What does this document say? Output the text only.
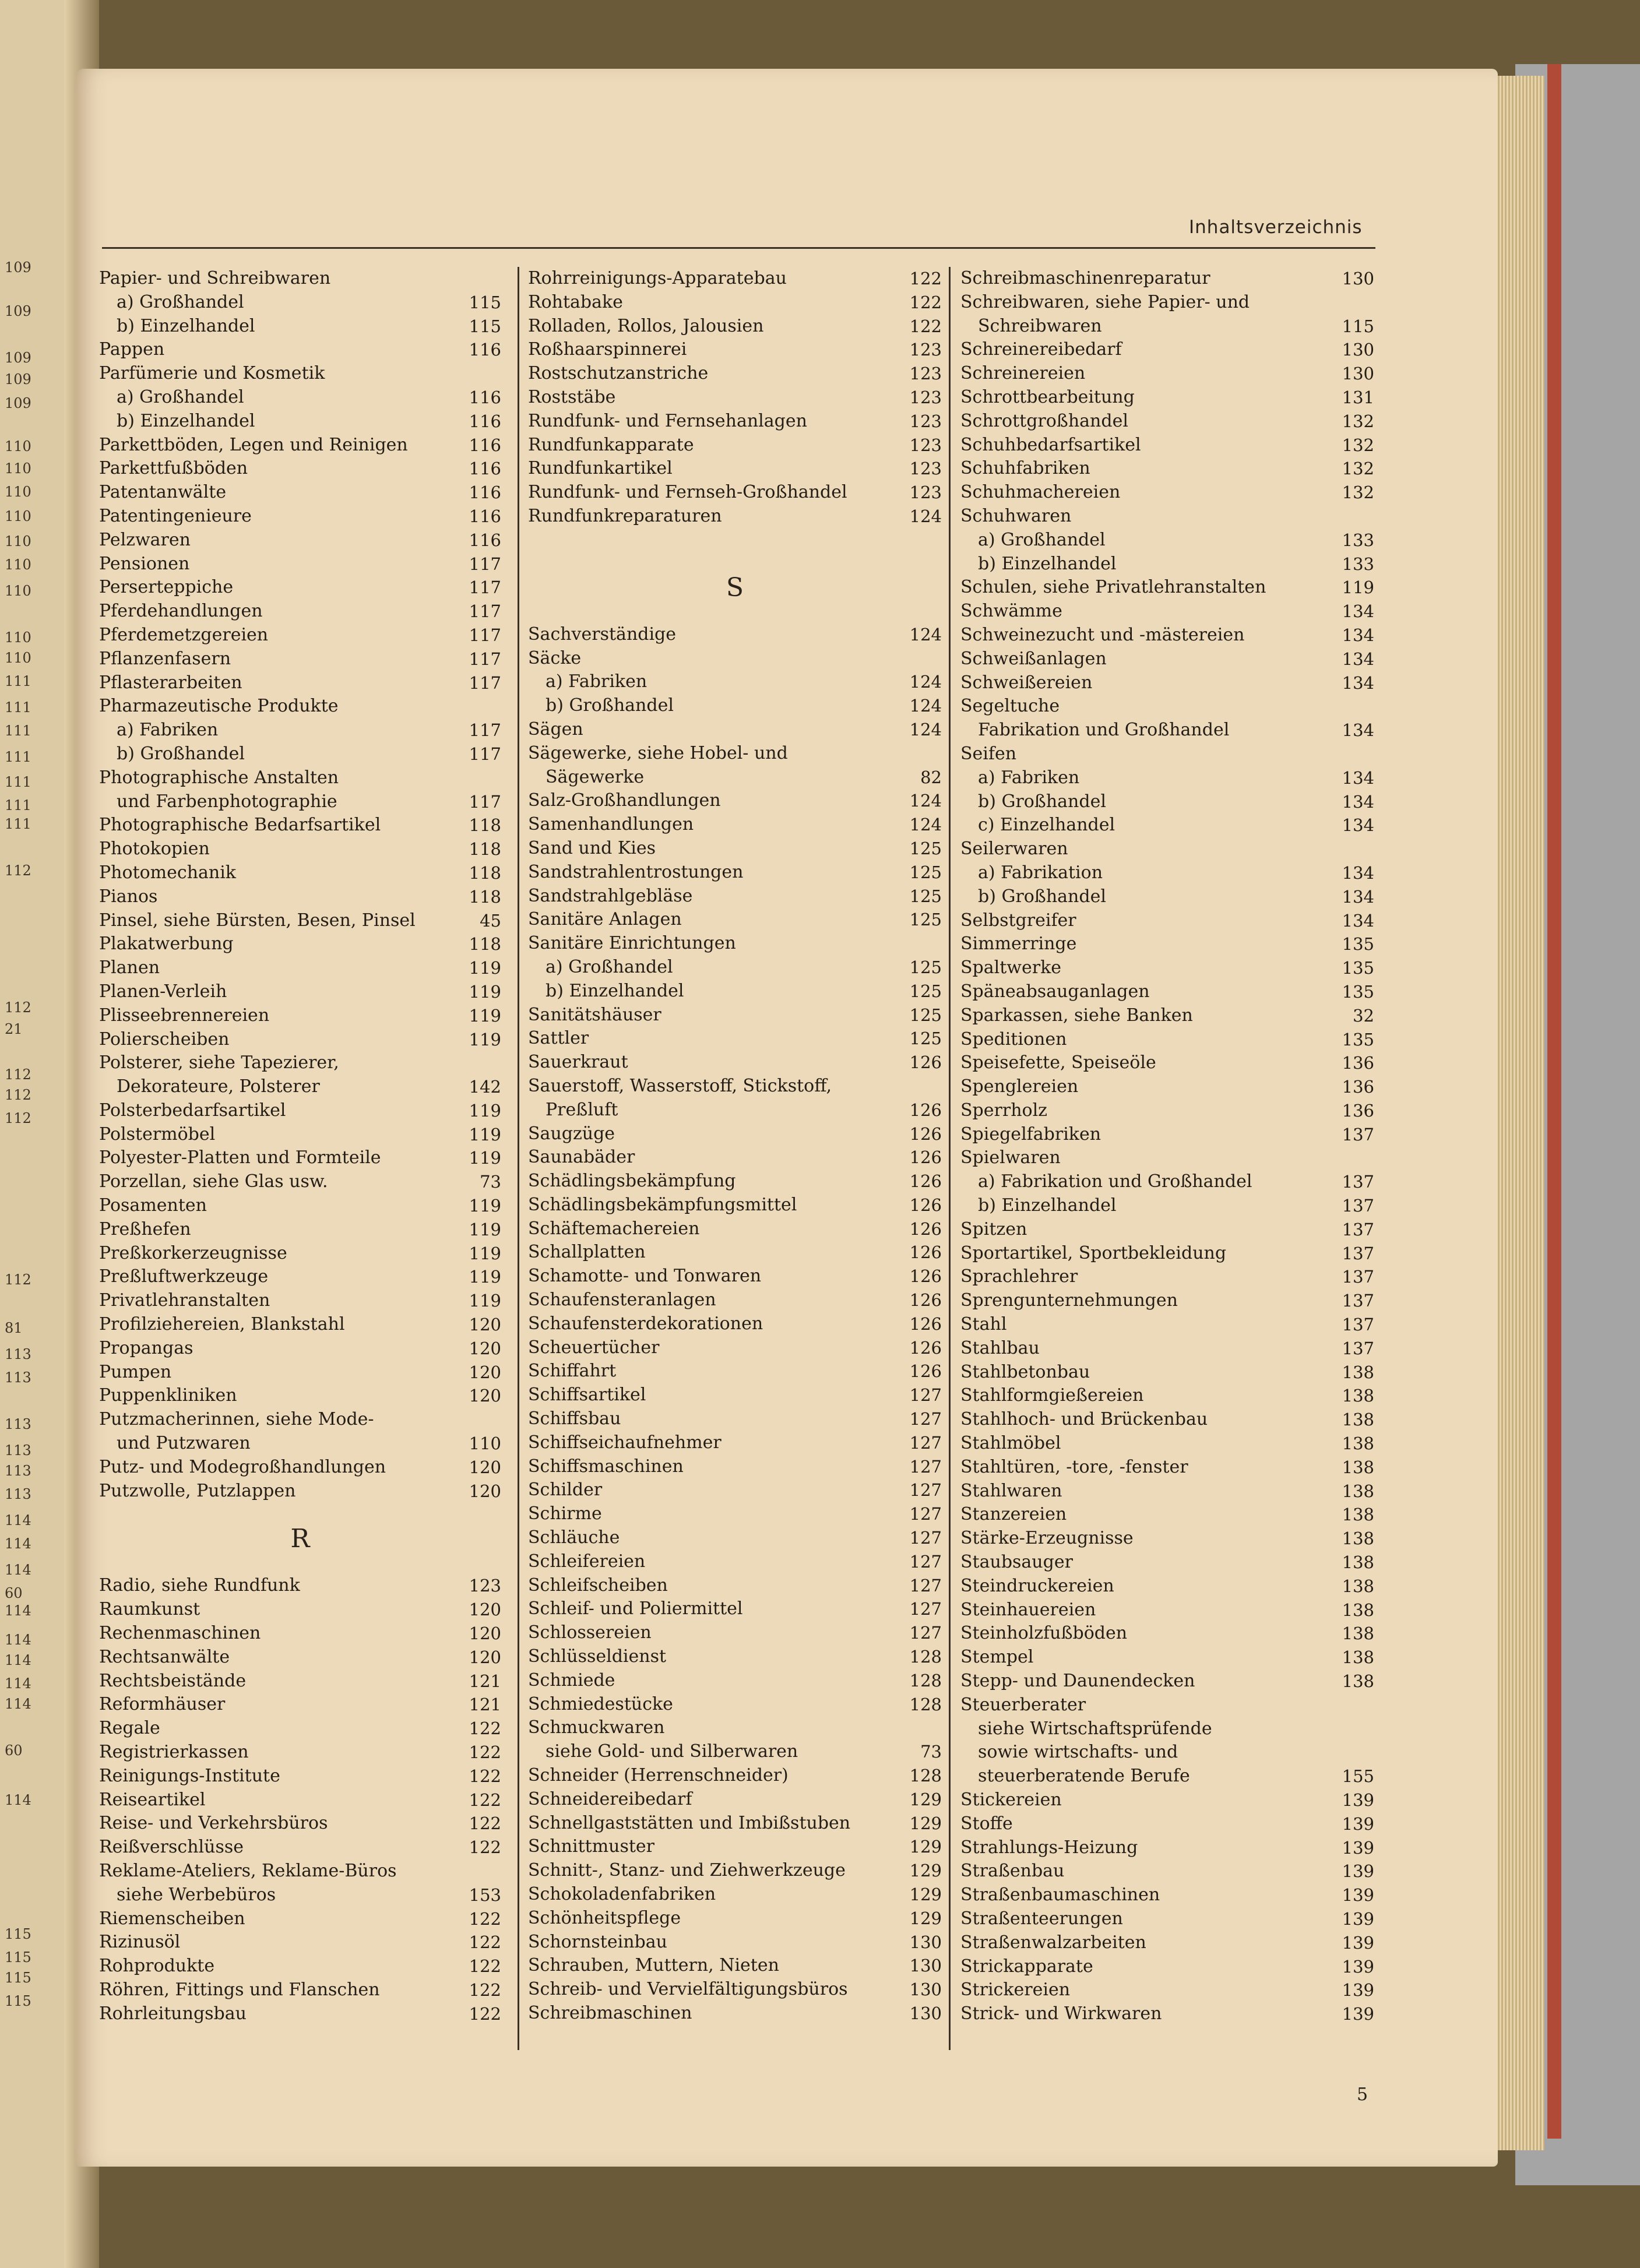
109
109
109
109
109
110
110
110
110
110
110
110
110
110
111
111
111
111
111
111
111
112
112
21
112
112
112
112
81
113
113
113
113
113
113
114
114
114
60
114
114
114
114
114
60
114
115
115
115
115
Inhaltsverzeichnis
Papier- und Schreibwaren
a) Großhandel	115
b) Einzelhandel	115
Pappen	116
Parfümerie und Kosmetik
a) Großhandel	116
b) Einzelhandel	116
Parkettböden, Legen und Reinigen	116
Parkettfußböden	116
Patentanwälte	116
Patentingenieure	116
Pelzwaren	116
Pensionen	117
Perserteppiche	117
Pferdehandlungen	117
Pferdemetzgereien	117
Pflanzenfasern	117
Pflasterarbeiten	117
Pharmazeutische Produkte
a) Fabriken	117
b) Großhandel	117
Photographische Anstalten
und Farbenphotographie	117
Photographische Bedarfsartikel	118
Photokopien	118
Photomechanik	118
Pianos	118
Pinsel, siehe Bürsten, Besen, Pinsel	45
Plakatwerbung	118
Planen	119
Planen-Verleih	119
Plisseebrennereien	119
Polierscheiben	119
Polsterer, siehe Tapezierer,
Dekorateure, Polsterer	142
Polsterbedarfsartikel	119
Polstermöbel	119
Polyester-Platten und Formteile	119
Porzellan, siehe Glas usw.	73
Posamenten	119
Preßhefen	119
Preßkorkerzeugnisse	119
Preßluftwerkzeuge	119
Privatlehranstalten	119
Profilziehereien, Blankstahl	120
Propangas	120
Pumpen	120
Puppenkliniken	120
Putzmacherinnen, siehe Mode-
und Putzwaren	110
Putz- und Modegroßhandlungen	120
Putzwolle, Putzlappen	120
R
Radio, siehe Rundfunk	123
Raumkunst	120
Rechenmaschinen	120
Rechtsanwälte	120
Rechtsbeistände	121
Reformhäuser	121
Regale	122
Registrierkassen	122
Reinigungs-Institute	122
Reiseartikel	122
Reise- und Verkehrsbüros	122
Reißverschlüsse	122
Reklame-Ateliers, Reklame-Büros
siehe Werbebüros	153
Riemenscheiben	122
Rizinusöl	122
Rohprodukte	122
Röhren, Fittings und Flanschen	122
Rohrleitungsbau	122
Rohrreinigungs-Apparatebau	122
Rohtabake	122
Rolladen, Rollos, Jalousien	122
Roßhaarspinnerei	123
Rostschutzanstriche	123
Roststäbe	123
Rundfunk- und Fernsehanlagen	123
Rundfunkapparate	123
Rundfunkartikel	123
Rundfunk- und Fernseh-Großhandel	123
Rundfunkreparaturen	124
S
Sachverständige	124
Säcke
a) Fabriken	124
b) Großhandel	124
Sägen	124
Sägewerke, siehe Hobel- und
Sägewerke	82
Salz-Großhandlungen	124
Samenhandlungen	124
Sand und Kies	125
Sandstrahlentrostungen	125
Sandstrahlgebläse	125
Sanitäre Anlagen	125
Sanitäre Einrichtungen
a) Großhandel	125
b) Einzelhandel	125
Sanitätshäuser	125
Sattler	125
Sauerkraut	126
Sauerstoff, Wasserstoff, Stickstoff,
Preßluft	126
Saugzüge	126
Saunabäder	126
Schädlingsbekämpfung	126
Schädlingsbekämpfungsmittel	126
Schäftemachereien	126
Schallplatten	126
Schamotte- und Tonwaren	126
Schaufensteranlagen	126
Schaufensterdekorationen	126
Scheuertücher	126
Schiffahrt	126
Schiffsartikel	127
Schiffsbau	127
Schiffseichaufnehmer	127
Schiffsmaschinen	127
Schilder	127
Schirme	127
Schläuche	127
Schleifereien	127
Schleifscheiben	127
Schleif- und Poliermittel	127
Schlossereien	127
Schlüsseldienst	128
Schmiede	128
Schmiedestücke	128
Schmuckwaren
siehe Gold- und Silberwaren	73
Schneider (Herrenschneider)	128
Schneidereibedarf	129
Schnellgaststätten und Imbißstuben	129
Schnittmuster	129
Schnitt-, Stanz- und Ziehwerkzeuge	129
Schokoladenfabriken	129
Schönheitspflege	129
Schornsteinbau	130
Schrauben, Muttern, Nieten	130
Schreib- und Vervielfältigungsbüros	130
Schreibmaschinen	130
Schreibmaschinenreparatur	130
Schreibwaren, siehe Papier- und
Schreibwaren	115
Schreinereibedarf	130
Schreinereien	130
Schrottbearbeitung	131
Schrottgroßhandel	132
Schuhbedarfsartikel	132
Schuhfabriken	132
Schuhmachereien	132
Schuhwaren
a) Großhandel	133
b) Einzelhandel	133
Schulen, siehe Privatlehranstalten	119
Schwämme	134
Schweinezucht und -mästereien	134
Schweißanlagen	134
Schweißereien	134
Segeltuche
Fabrikation und Großhandel	134
Seifen
a) Fabriken	134
b) Großhandel	134
c) Einzelhandel	134
Seilerwaren
a) Fabrikation	134
b) Großhandel	134
Selbstgreifer	134
Simmerringe	135
Spaltwerke	135
Späneabsauganlagen	135
Sparkassen, siehe Banken	32
Speditionen	135
Speisefette, Speiseöle	136
Spenglereien	136
Sperrholz	136
Spiegelfabriken	137
Spielwaren
a) Fabrikation und Großhandel	137
b) Einzelhandel	137
Spitzen	137
Sportartikel, Sportbekleidung	137
Sprachlehrer	137
Sprengunternehmungen	137
Stahl	137
Stahlbau	137
Stahlbetonbau	138
Stahlformgießereien	138
Stahlhoch- und Brückenbau	138
Stahlmöbel	138
Stahltüren, -tore, -fenster	138
Stahlwaren	138
Stanzereien	138
Stärke-Erzeugnisse	138
Staubsauger	138
Steindruckereien	138
Steinhauereien	138
Steinholzfußböden	138
Stempel	138
Stepp- und Daunendecken	138
Steuerberater
siehe Wirtschaftsprüfende
sowie wirtschafts- und
steuerberatende Berufe	155
Stickereien	139
Stoffe	139
Strahlungs-Heizung	139
Straßenbau	139
Straßenbaumaschinen	139
Straßenteerungen	139
Straßenwalzarbeiten	139
Strickapparate	139
Strickereien	139
Strick- und Wirkwaren	139
5
